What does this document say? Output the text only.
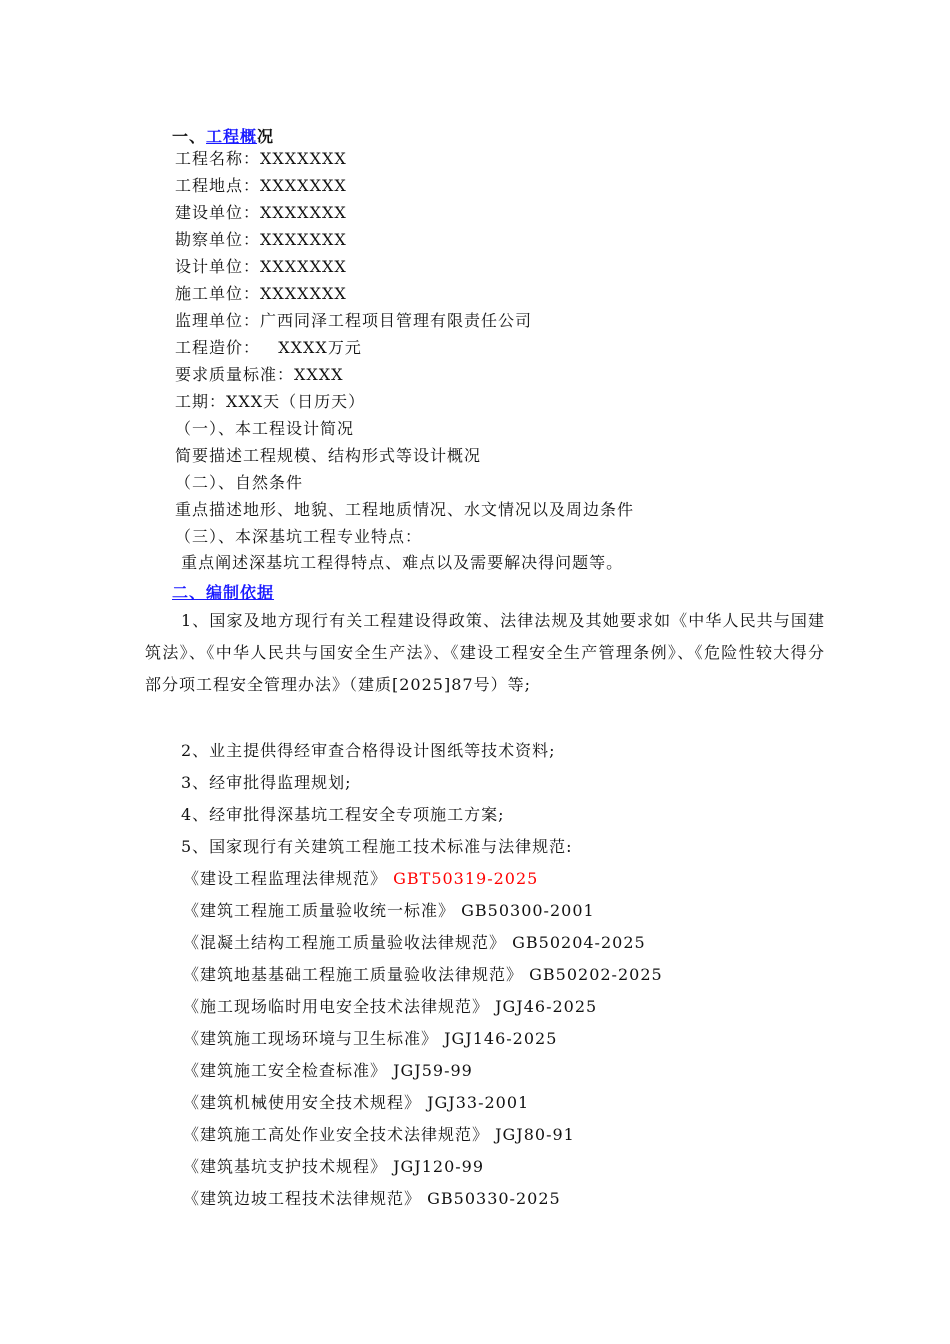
一、工程概况
工程名称：XXXXXXX
工程地点：XXXXXXX
建设单位：XXXXXXX
勘察单位：XXXXXXX
设计单位：XXXXXXX
施工单位：XXXXXXX
监理单位：广西同泽工程项目管理有限责任公司
工程造价：   XXXX万元
要求质量标准：XXXX
工期：XXX天（日历天）
（一）、本工程设计简况
简要描述工程规模、结构形式等设计概况
（二）、自然条件
重点描述地形、地貌、工程地质情况、水文情况以及周边条件
（三）、本深基坑工程专业特点：
重点阐述深基坑工程得特点、难点以及需要解决得问题等。
二、编制依据
1、国家及地方现行有关工程建设得政策、法律法规及其她要求如《中华人民共与国建筑法》、《中华人民共与国安全生产法》、《建设工程安全生产管理条例》、《危险性较大得分部分项工程安全管理办法》（建质[2025]87号）等;
2、业主提供得经审查合格得设计图纸等技术资料;
3、经审批得监理规划;
4、经审批得深基坑工程安全专项施工方案;
5、国家现行有关建筑工程施工技术标准与法律规范:
《建设工程监理法律规范》 GBT50319-2025
《建筑工程施工质量验收统一标准》 GB50300-2001
《混凝土结构工程施工质量验收法律规范》 GB50204-2025
《建筑地基基础工程施工质量验收法律规范》 GB50202-2025
《施工现场临时用电安全技术法律规范》 JGJ46-2025
《建筑施工现场环境与卫生标准》 JGJ146-2025
《建筑施工安全检查标准》 JGJ59-99
《建筑机械使用安全技术规程》 JGJ33-2001
《建筑施工高处作业安全技术法律规范》 JGJ80-91
《建筑基坑支护技术规程》 JGJ120-99
《建筑边坡工程技术法律规范》 GB50330-2025
